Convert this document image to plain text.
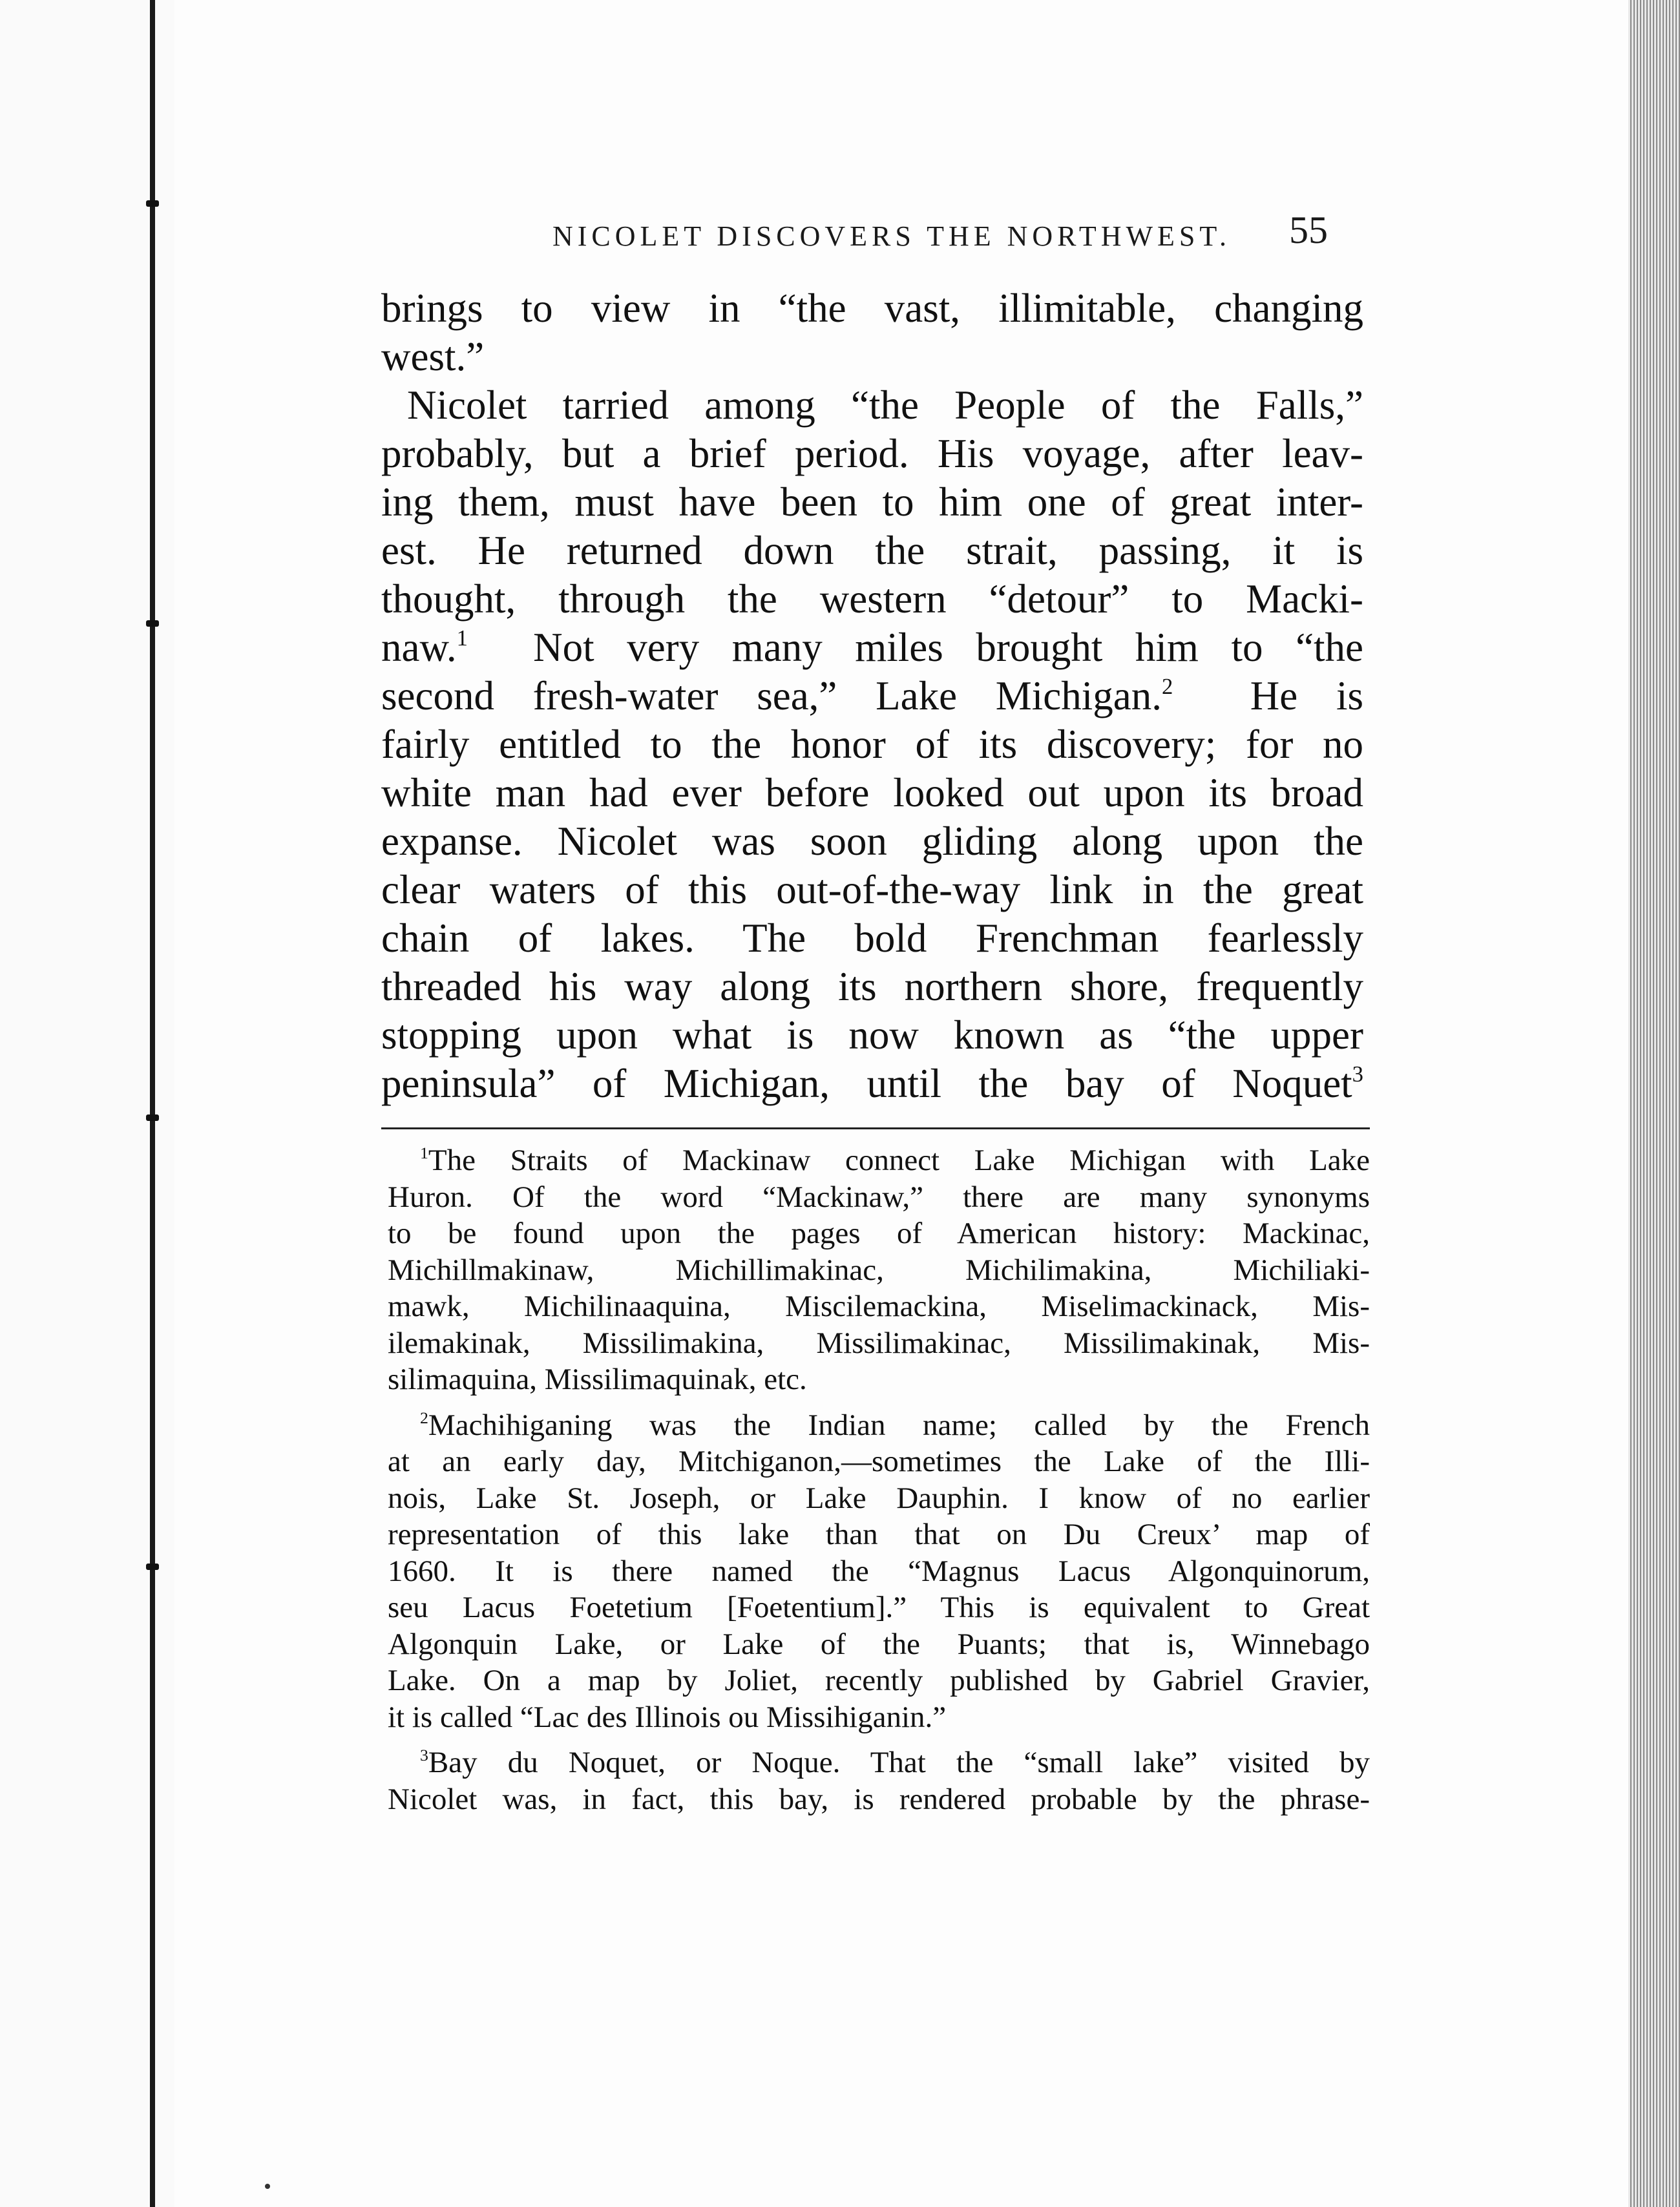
NICOLET DISCOVERS THE NORTHWEST.	55
brings to view in “the vast, illimitable, changing
west.”
Nicolet tarried among “the People of the Falls,”
probably, but a brief period. His voyage, after leav-
ing them, must have been to him one of great inter-
est. He returned down the strait, passing, it is
thought, through the western “detour” to Macki-
naw.$^1$ Not very many miles brought him to “the
second fresh-water sea,” Lake Michigan.$^2$ He is
fairly entitled to the honor of its discovery; for no
white man had ever before looked out upon its broad
expanse. Nicolet was soon gliding along upon the
clear waters of this out-of-the-way link in the great
chain of lakes. The bold Frenchman fearlessly
threaded his way along its northern shore, frequently
stopping upon what is now known as “the upper
peninsula” of Michigan, until the bay of Noquet$^3$
$^1$The Straits of Mackinaw connect Lake Michigan with Lake
Huron. Of the word “Mackinaw,” there are many synonyms
to be found upon the pages of American history: Mackinac,
Michillmakinaw, Michillimakinac, Michilimakina, Michiliaki-
mawk, Michilinaaquina, Miscilemackina, Miselimackinack, Mis-
ilemakinak, Missilimakina, Missilimakinac, Missilimakinak, Mis-
silimaquina, Missilimaquinak, etc.
$^2$Machihiganing was the Indian name; called by the French
at an early day, Mitchiganon,—sometimes the Lake of the Illi-
nois, Lake St. Joseph, or Lake Dauphin. I know of no earlier
representation of this lake than that on Du Creux’ map of
1660. It is there named the “Magnus Lacus Algonquinorum,
seu Lacus Foetetium [Foetentium].” This is equivalent to Great
Algonquin Lake, or Lake of the Puants; that is, Winnebago
Lake. On a map by Joliet, recently published by Gabriel Gravier,
it is called “Lac des Illinois ou Missihiganin.”
$^3$Bay du Noquet, or Noque. That the “small lake” visited by
Nicolet was, in fact, this bay, is rendered probable by the phrase-
